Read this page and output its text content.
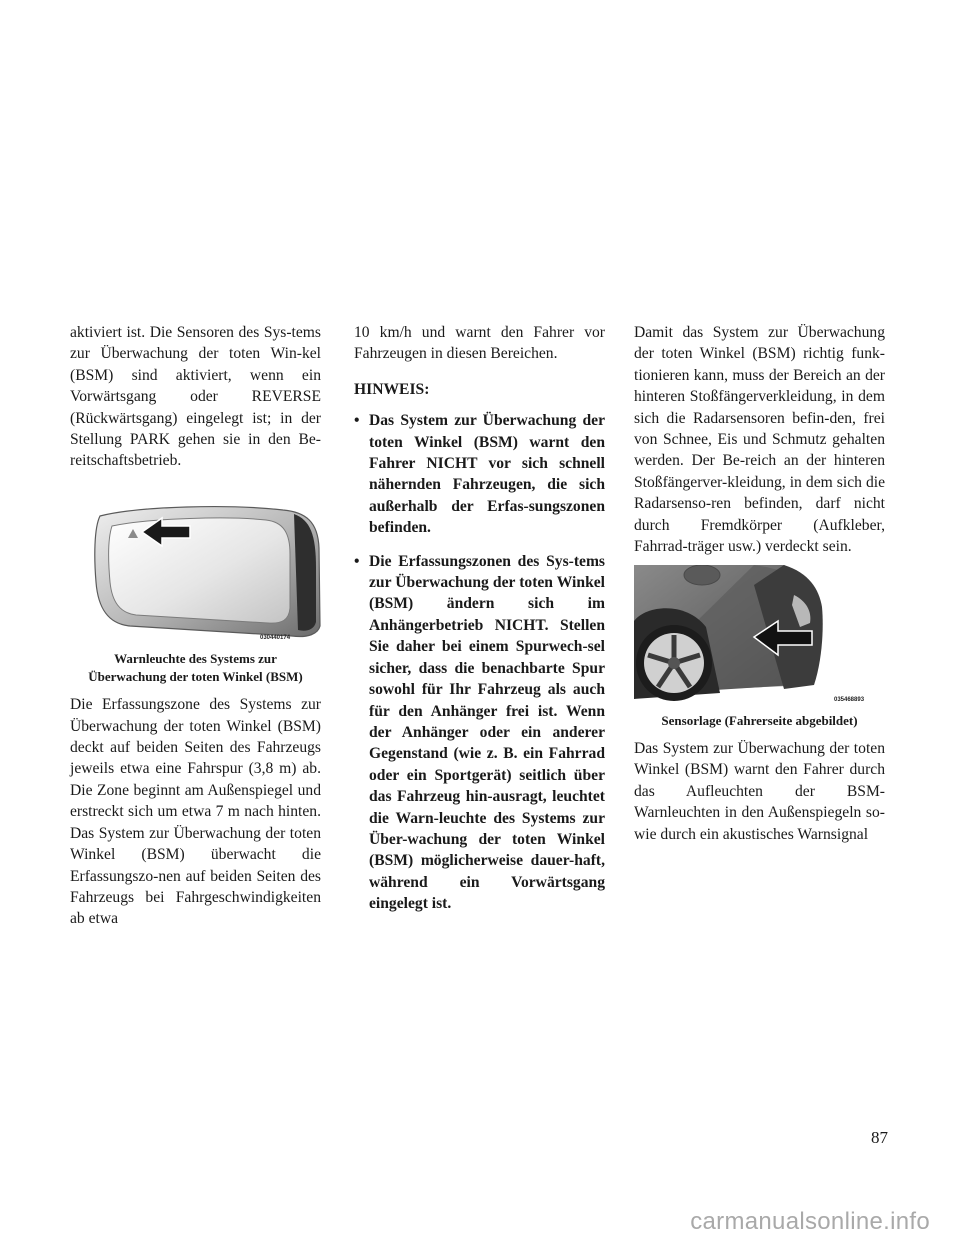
aktiviert ist. Die Sensoren des Sys-tems zur Überwachung der toten Win-kel (BSM) sind aktiviert, wenn ein Vorwärtsgang oder REVERSE (Rückwärtsgang) eingelegt ist; in der Stellung PARK gehen sie in den Be-reitschaftsbetrieb.

030440174
Warnleuchte des Systems zur
Überwachung der toten Winkel (BSM)

Die Erfassungszone des Systems zur Überwachung der toten Winkel (BSM) deckt auf beiden Seiten des Fahrzeugs jeweils etwa eine Fahrspur (3,8 m) ab. Die Zone beginnt am Außenspiegel und erstreckt sich um etwa 7 m nach hinten. Das System zur Überwachung der toten Winkel (BSM) überwacht die Erfassungszo-nen auf beiden Seiten des Fahrzeugs bei Fahrgeschwindigkeiten ab etwa

10 km/h und warnt den Fahrer vor Fahrzeugen in diesen Bereichen.

HINWEIS:

• Das System zur Überwachung der toten Winkel (BSM) warnt den Fahrer NICHT vor sich schnell nähernden Fahrzeugen, die sich außerhalb der Erfas-sungszonen befinden.
• Die Erfassungszonen des Sys-tems zur Überwachung der toten Winkel (BSM) ändern sich im Anhängerbetrieb NICHT. Stellen Sie daher bei einem Spurwech-sel sicher, dass die benachbarte Spur sowohl für Ihr Fahrzeug als auch für den Anhänger frei ist. Wenn der Anhänger oder ein anderer Gegenstand (wie z. B. ein Fahrrad oder ein Sportgerät) seitlich über das Fahrzeug hin-ausragt, leuchtet die Warn-leuchte des Systems zur Über-wachung der toten Winkel (BSM) möglicherweise dauer-haft, während ein Vorwärtsgang eingelegt ist.

Damit das System zur Überwachung der toten Winkel (BSM) richtig funk-tionieren kann, muss der Bereich an der hinteren Stoßfängerverkleidung, in dem sich die Radarsensoren befin-den, frei von Schnee, Eis und Schmutz gehalten werden. Der Be-reich an der hinteren Stoßfängerver-kleidung, in dem sich die Radarsenso-ren befinden, darf nicht durch Fremdkörper (Aufkleber, Fahrrad-träger usw.) verdeckt sein.

035468893
Sensorlage (Fahrerseite abgebildet)

Das System zur Überwachung der toten Winkel (BSM) warnt den Fahrer durch das Aufleuchten der BSM-Warnleuchten in den Außenspiegeln so-wie durch ein akustisches Warnsignal

87
carmanualsonline.info
